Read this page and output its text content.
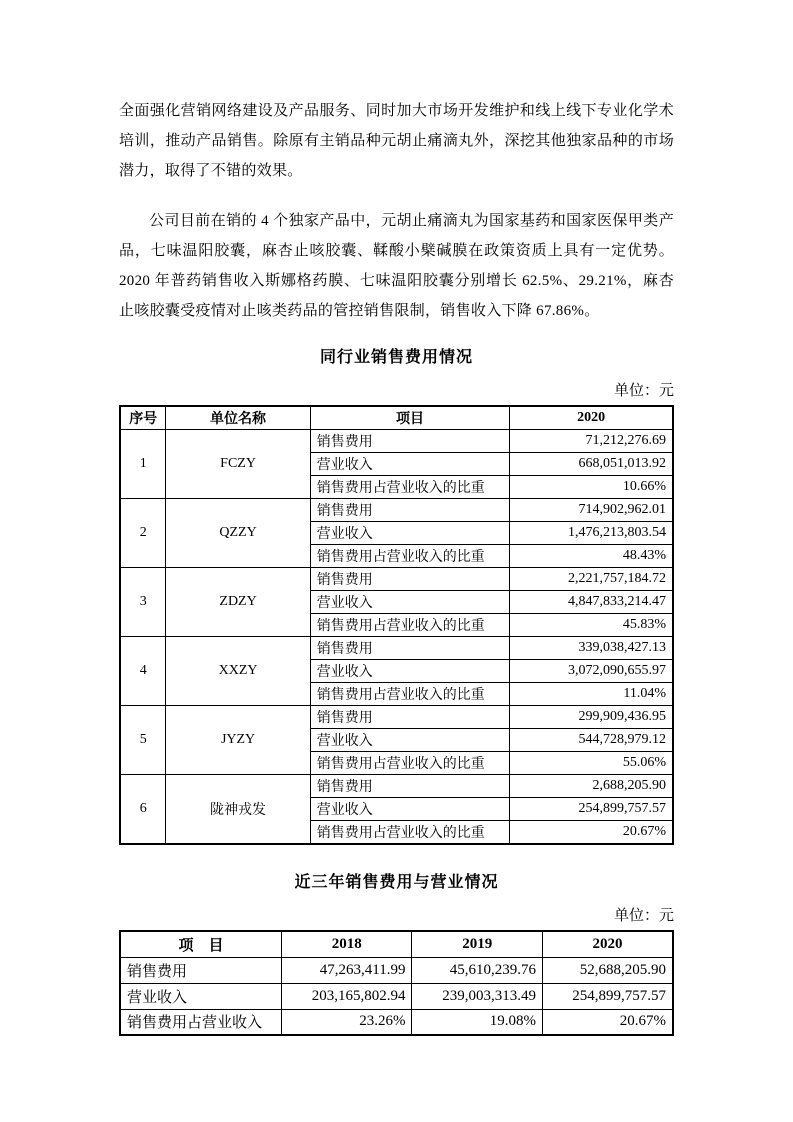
全面强化营销网络建设及产品服务、同时加大市场开发维护和线上线下专业化学术培训，推动产品销售。除原有主销品种元胡止痛滴丸外，深挖其他独家品种的市场潜力，取得了不错的效果。

公司目前在销的 4 个独家产品中，元胡止痛滴丸为国家基药和国家医保甲类产品，七味温阳胶囊，麻杏止咳胶囊、鞣酸小檗碱膜在政策资质上具有一定优势。2020 年普药销售收入斯娜格药膜、七味温阳胶囊分别增长 62.5%、29.21%，麻杏止咳胶囊受疫情对止咳类药品的管控销售限制，销售收入下降 67.86%。

同行业销售费用情况
单位：元
序号	单位名称	项目	2020
1	FCZY	销售费用	71,212,276.69
		营业收入	668,051,013.92
		销售费用占营业收入的比重	10.66%
2	QZZY	销售费用	714,902,962.01
		营业收入	1,476,213,803.54
		销售费用占营业收入的比重	48.43%
3	ZDZY	销售费用	2,221,757,184.72
		营业收入	4,847,833,214.47
		销售费用占营业收入的比重	45.83%
4	XXZY	销售费用	339,038,427.13
		营业收入	3,072,090,655.97
		销售费用占营业收入的比重	11.04%
5	JYZY	销售费用	299,909,436.95
		营业收入	544,728,979.12
		销售费用占营业收入的比重	55.06%
6	陇神戎发	销售费用	2,688,205.90
		营业收入	254,899,757.57
		销售费用占营业收入的比重	20.67%
近三年销售费用与营业情况
单位：元
项　目	2018	2019	2020
销售费用	47,263,411.99	45,610,239.76	52,688,205.90
营业收入	203,165,802.94	239,003,313.49	254,899,757.57
销售费用占营业收入	23.26%	19.08%	20.67%
